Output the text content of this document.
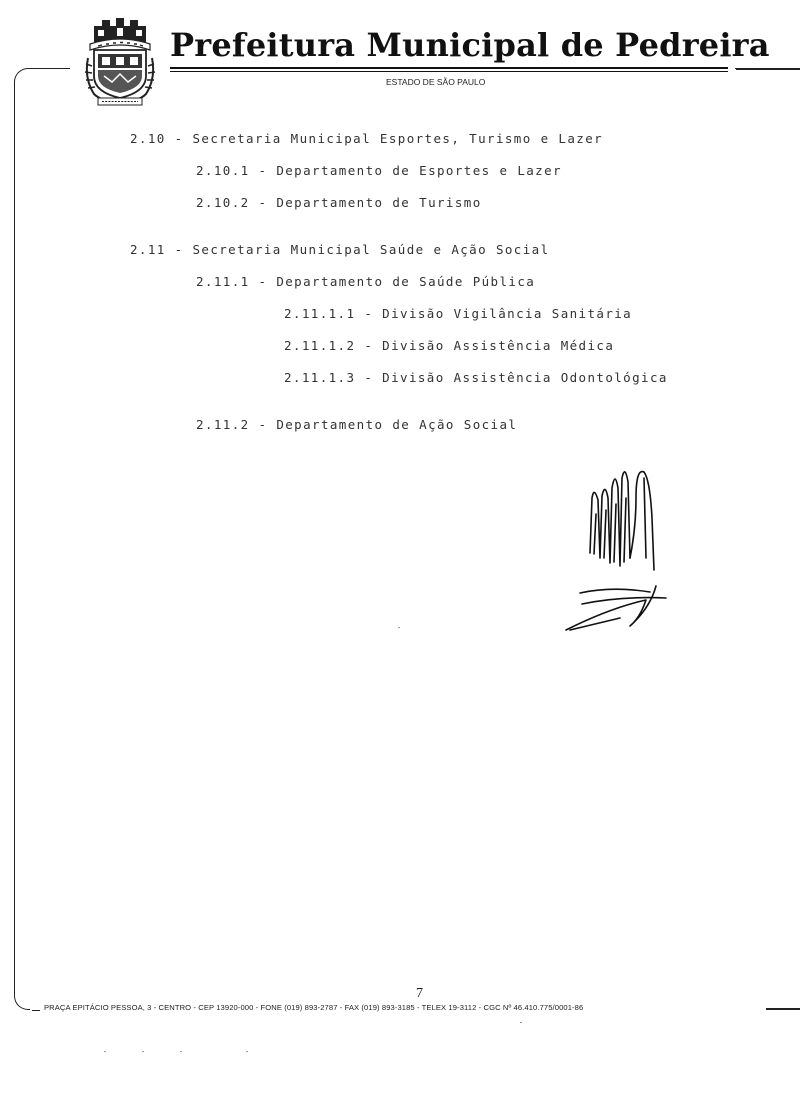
Prefeitura Municipal de Pedreira
ESTADO DE SÃO PAULO
2.10 - Secretaria Municipal Esportes, Turismo e Lazer
2.10.1 - Departamento de Esportes e Lazer
2.10.2 - Departamento de Turismo
2.11 - Secretaria Municipal Saúde e Ação Social
2.11.1 - Departamento de Saúde Pública
2.11.1.1 - Divisão Vigilância Sanitária
2.11.1.2 - Divisão Assistência Médica
2.11.1.3 - Divisão Assistência Odontológica
2.11.2 - Departamento de Ação Social
7
PRAÇA EPITÁCIO PESSOA, 3 - CENTRO - CEP 13920-000 - FONE (019) 893-2787 - FAX (019) 893-3185 - TELEX 19-3112 - CGC Nº 46.410.775/0001-86
